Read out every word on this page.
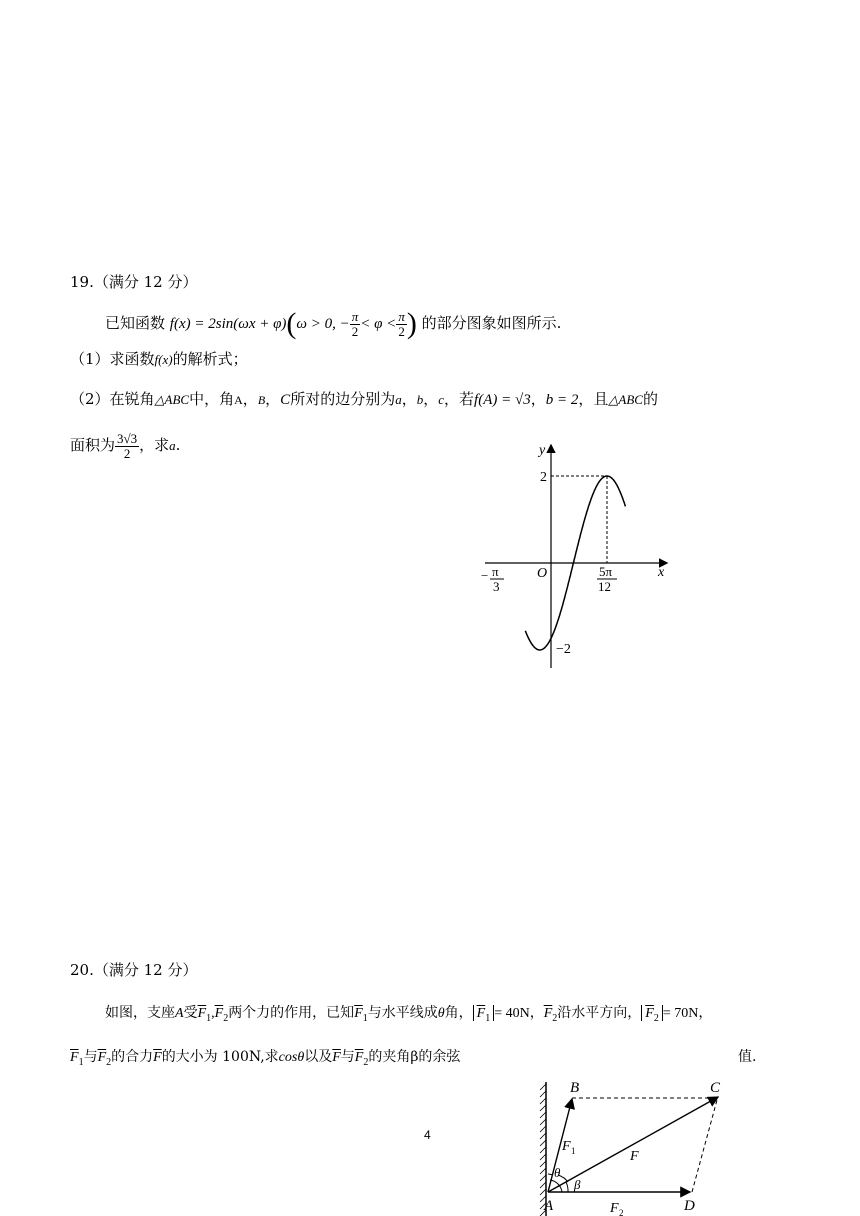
19.（满分 12 分）
已知函数 f(x) = 2sin(ωx + φ)(ω > 0, − $\frac{\pi}{2} < \varphi < \frac{\pi}{2}$ ) 的部分图象如图所示.
（1）求函数f(x)的解析式；
（2）在锐角△ABC中，角A，B，C所对的边分别为a，b，c，若f(A) = √3，b = 2，且△ABC的
面积为 $\frac{3√3}{2}$ ，求a.	y
x
O
2
−2
− π
3
5π
12
20.（满分 12 分）
如图，支座A受$\overline{F}_1,\overline{F}_2$两个力的作用，已知$\overline{F}_1$与水平线成θ角， $\overline{F}_1 = 40N$，$\overline{F}_2$沿水平方向， $\overline{F}_2 = 70N$，
$\overline{F}_1$与$\overline{F}_2$的合力$\overline{F}$的大小为 100N,求cosθ以及$\overline{F}$与$\overline{F}_2$的夹角β的余弦	值.
4
B	C
A	D
F 1	F
F 2
θ
β
